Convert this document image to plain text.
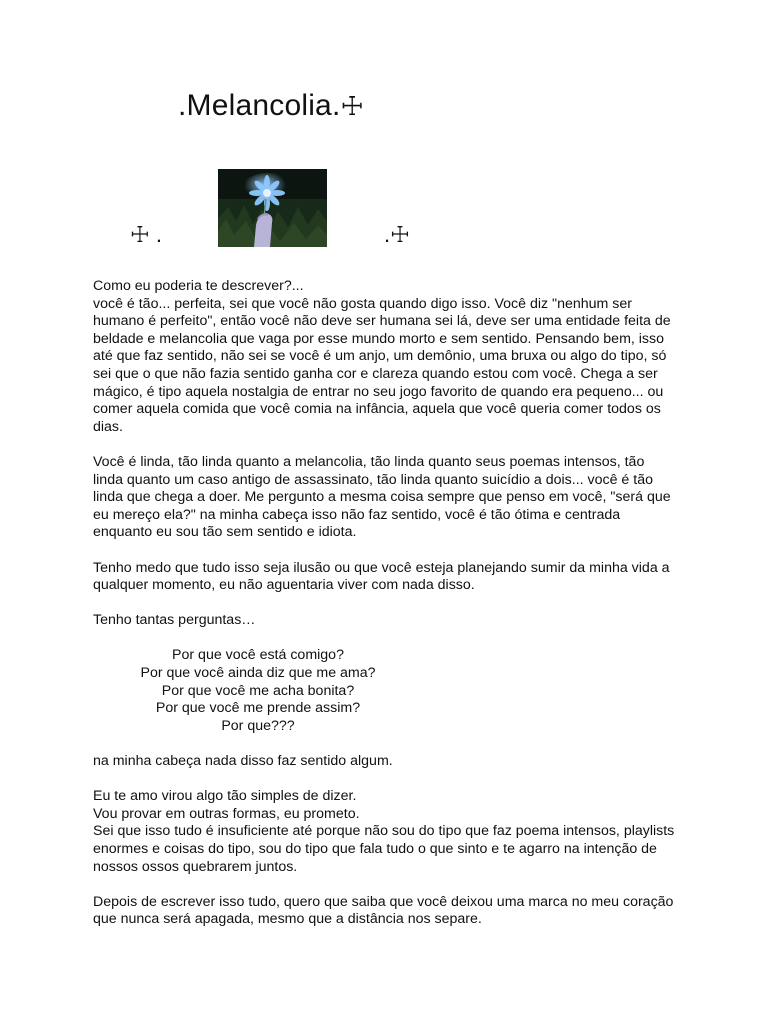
.Melancolia.☩
☩ .	.☩

Como eu poderia te descrever?...
você é tão... perfeita, sei que você não gosta quando digo isso. Você diz "nenhum ser humano é perfeito", então você não deve ser humana sei lá, deve ser uma entidade feita de beldade e melancolia que vaga por esse mundo morto e sem sentido. Pensando bem, isso até que faz sentido, não sei se você é um anjo, um demônio, uma bruxa ou algo do tipo, só sei que o que não fazia sentido ganha cor e clareza quando estou com você. Chega a ser mágico, é tipo aquela nostalgia de entrar no seu jogo favorito de quando era pequeno... ou comer aquela comida que você comia na infância, aquela que você queria comer todos os dias.

Você é linda, tão linda quanto a melancolia, tão linda quanto seus poemas intensos, tão linda quanto um caso antigo de assassinato, tão linda quanto suicídio a dois... você é tão linda que chega a doer. Me pergunto a mesma coisa sempre que penso em você, "será que eu mereço ela?" na minha cabeça isso não faz sentido, você é tão ótima e centrada enquanto eu sou tão sem sentido e idiota.

Tenho medo que tudo isso seja ilusão ou que você esteja planejando sumir da minha vida a qualquer momento, eu não aguentaria viver com nada disso.

Tenho tantas perguntas…

Por que você está comigo?
Por que você ainda diz que me ama?
Por que você me acha bonita?
Por que você me prende assim?
Por que???

na minha cabeça nada disso faz sentido algum.

Eu te amo virou algo tão simples de dizer.
Vou provar em outras formas, eu prometo.
Sei que isso tudo é insuficiente até porque não sou do tipo que faz poema intensos, playlists enormes e coisas do tipo, sou do tipo que fala tudo o que sinto e te agarro na intenção de nossos ossos quebrarem juntos.

Depois de escrever isso tudo, quero que saiba que você deixou uma marca no meu coração que nunca será apagada, mesmo que a distância nos separe.
